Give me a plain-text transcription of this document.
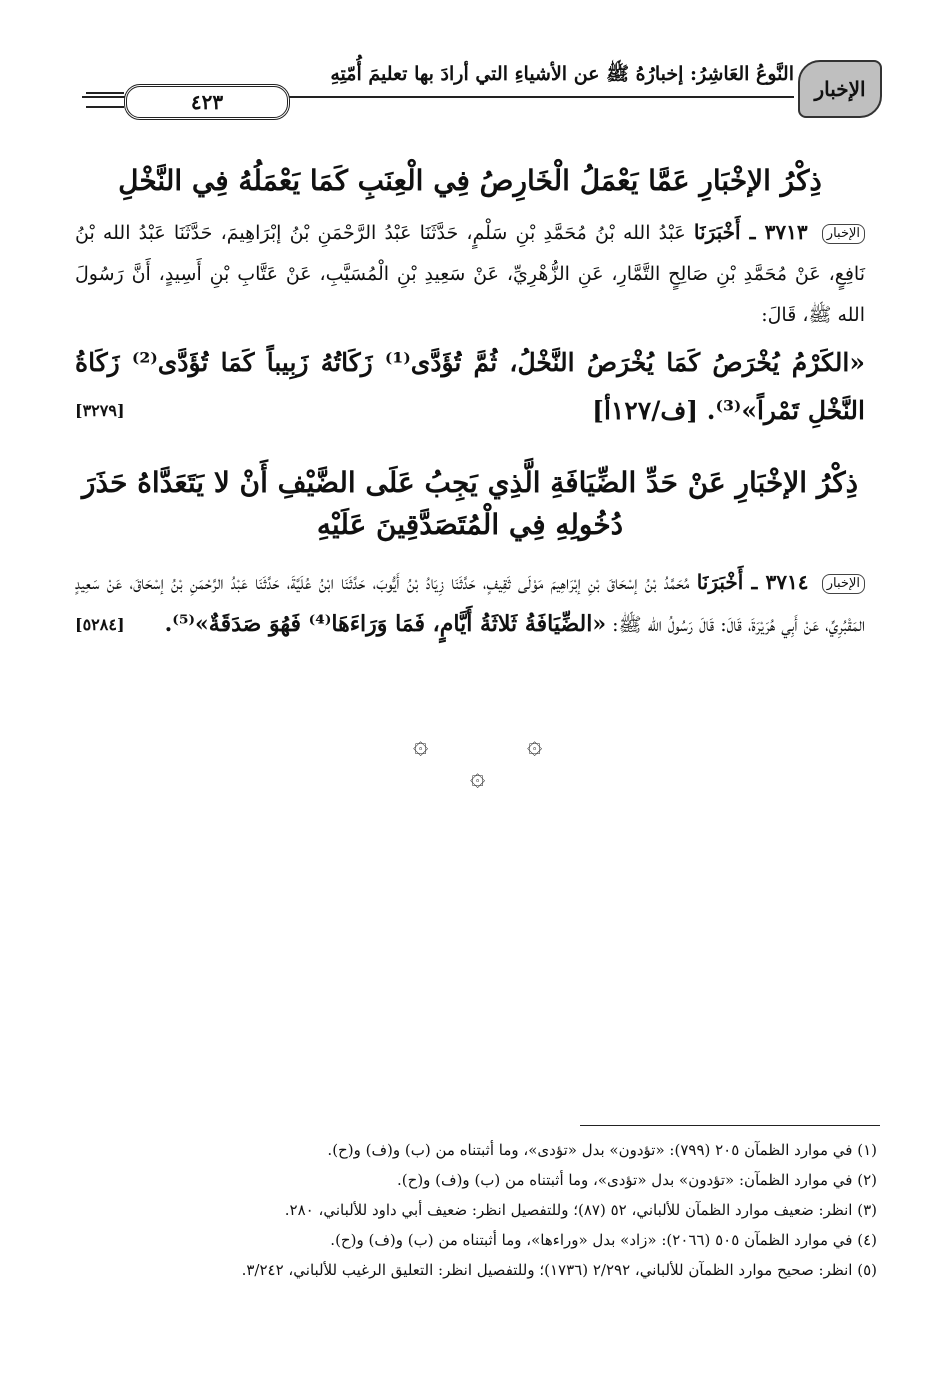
الإخبار
النَّوعُ العَاشِرُ: إخبارُهُ ﷺ عن الأشياءِ التي أرادَ بها تعليمَ أُمّتِهِ
٤٢٣
ذِكْرُ الإخْبَارِ عَمَّا يَعْمَلُ الْخَارِصُ فِي الْعِنَبِ كَمَا يَعْمَلُهُ فِي النَّخْلِ
الإخبار ٣٧١٣ ـ أَخْبَرَنَا عَبْدُ الله بْنُ مُحَمَّدِ بْنِ سَلْمٍ، حَدَّثَنَا عَبْدُ الرَّحْمَنِ بْنُ إبْرَاهِيمَ، حَدَّثَنَا عَبْدُ الله بْنُ نَافِعٍ، عَنْ مُحَمَّدِ بْنِ صَالِحٍ التَّمَّارِ، عَنِ الزُّهْرِيِّ، عَنْ سَعِيدِ بْنِ الْمُسَيَّبِ، عَنْ عَتَّابِ بْنِ أَسِيدٍ، أَنَّ رَسُولَ الله ﷺ، قَالَ:
«الكَرْمُ يُخْرَصُ كَمَا يُخْرَصُ النَّخْلُ، ثُمَّ تُؤَدَّى⁽¹⁾ زَكَاتُهُ زَبِيباً كَمَا تُؤَدَّى⁽²⁾ زَكَاةُ النَّخْلِ تَمْراً»⁽³⁾. [ف/١٢٧أ]
[٣٢٧٩]
ذِكْرُ الإخْبَارِ عَنْ حَدِّ الضِّيَافَةِ الَّذِي يَجِبُ عَلَى الضَّيْفِ أَنْ لا يَتَعَدَّاهُ حَذَرَ دُخُولِهِ فِي الْمُتَصَدَّقِينَ عَلَيْهِ
الإخبار ٣٧١٤ ـ أَخْبَرَنَا مُحَمَّدُ بْنُ إسْحَاقَ بْنِ إبْرَاهِيمَ مَوْلَى ثَقِيفٍ، حَدَّثَنَا زِيَادُ بْنُ أَيُّوبَ، حَدَّثَنَا ابْنُ عُلَيَّةَ، حَدَّثَنَا عَبْدُ الرَّحْمَنِ بْنُ إسْحَاقَ، عَنْ سَعِيدٍ المَقْبُرِيِّ، عَنْ أَبِي هُرَيْرَةَ، قَالَ: قَالَ رَسُولُ الله ﷺ: «الضِّيَافَةُ ثَلاثَةُ أَيَّامٍ، فَمَا وَرَاءَهَا⁽⁴⁾ فَهُوَ صَدَقَةٌ»⁽⁵⁾.
[٥٢٨٤]
۞	۞
۞
(١) في موارد الظمآن ٢٠٥ (٧٩٩): «تؤدون» بدل «تؤدى»، وما أثبتناه من (ب) و(ف) و(ح).
(٢) في موارد الظمآن: «تؤدون» بدل «تؤدى»، وما أثبتناه من (ب) و(ف) و(ح).
(٣) انظر: ضعيف موارد الظمآن للألباني، ٥٢ (٨٧)؛ وللتفصيل انظر: ضعيف أبي داود للألباني، ٢٨٠.
(٤) في موارد الظمآن ٥٠٥ (٢٠٦٦): «زاد» بدل «وراءها»، وما أثبتناه من (ب) و(ف) و(ح).
(٥) انظر: صحيح موارد الظمآن للألباني، ٢/٢٩٢ (١٧٣٦)؛ وللتفصيل انظر: التعليق الرغيب للألباني، ٣/٢٤٢.
